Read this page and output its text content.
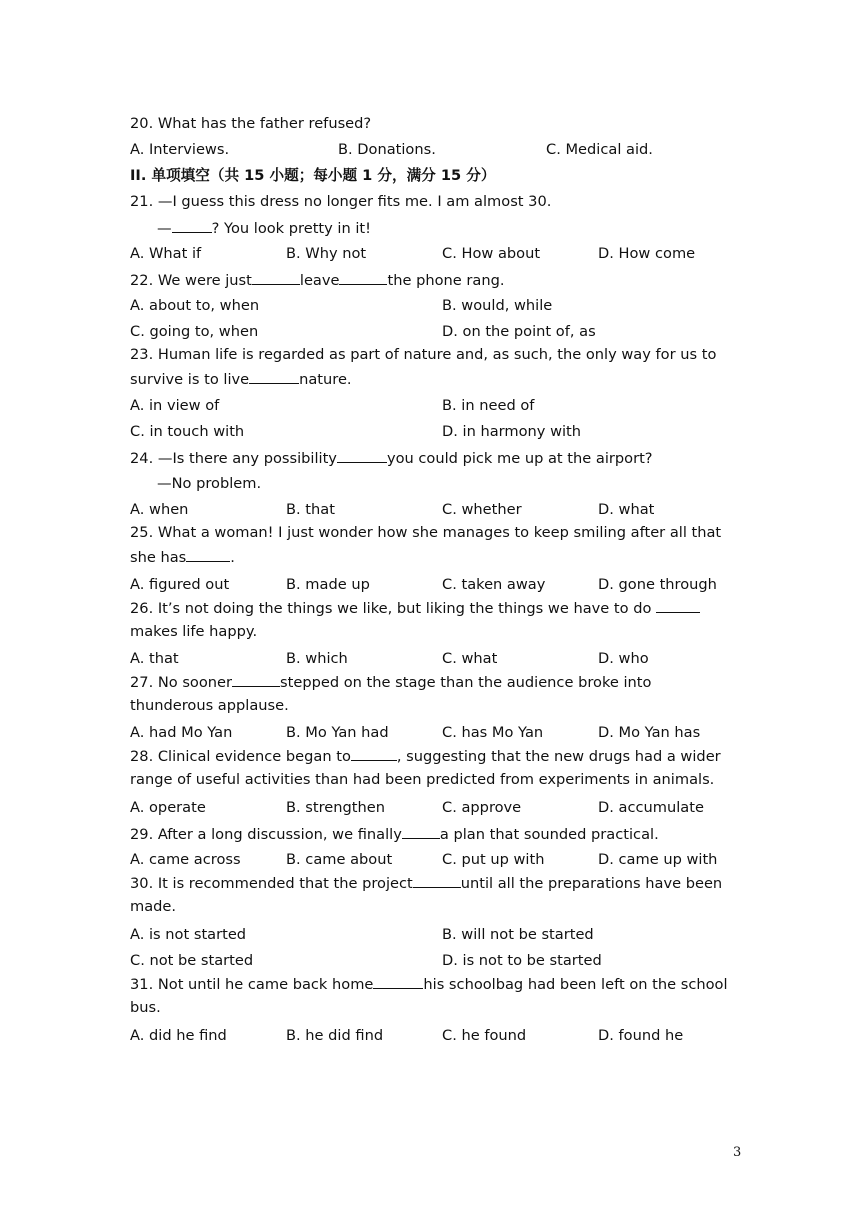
20. What has the father refused?
A. Interviews.	B. Donations.	C. Medical aid.
II. 单项填空（共 15 小题；每小题 1 分，满分 15 分）
21. —I guess this dress no longer fits me. I am almost 30.
—	? You look pretty in it!
A. What if	B. Why not	C. How about	D. How come
22. We were just	leave	the phone rang.
A. about to, when	B. would, while
C. going to, when	D. on the point of, as
23. Human life is regarded as part of nature and, as such, the only way for us to
survive is to live	nature.
A. in view of	B. in need of
C. in touch with	D. in harmony with
24. —Is there any possibility	you could pick me up at the airport?
—No problem.
A. when	B. that	C. whether	D. what
25. What a woman! I just wonder how she manages to keep smiling after all that
she has	.
A. figured out	B. made up	C. taken away	D. gone through
26. It’s not doing the things we like, but liking the things we have to do
makes life happy.
A. that	B. which	C. what	D. who
27. No sooner	stepped on the stage than the audience broke into
thunderous applause.
A. had Mo Yan	B. Mo Yan had	C. has Mo Yan	D. Mo Yan has
28. Clinical evidence began to	, suggesting that the new drugs had a wider
range of useful activities than had been predicted from experiments in animals.
A. operate	B. strengthen	C. approve	D. accumulate
29. After a long discussion, we finally	a plan that sounded practical.
A. came across	B. came about	C. put up with	D. came up with
30. It is recommended that the project	until all the preparations have been
made.
A. is not started	B. will not be started
C. not be started	D. is not to be started
31. Not until he came back home	his schoolbag had been left on the school
bus.
A. did he find	B. he did find	C. he found	D. found he
3
